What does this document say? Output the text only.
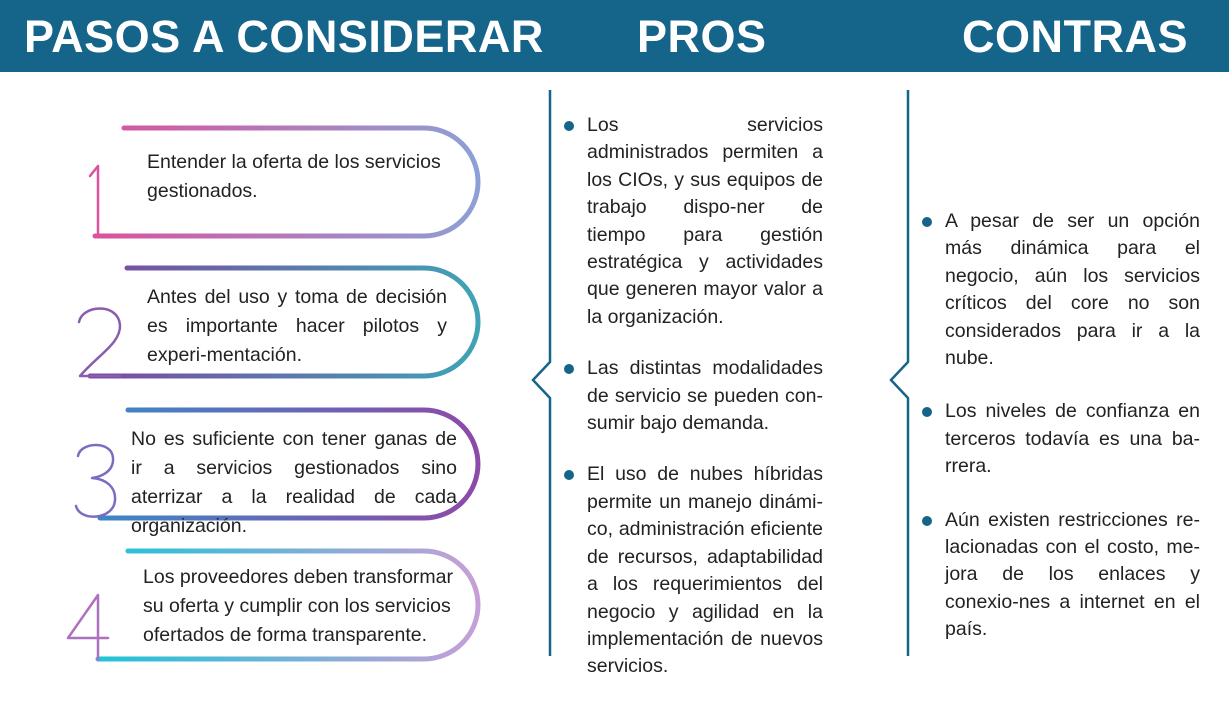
PASOS A CONSIDERAR PROS	CONTRAS
Entender la oferta de los servicios gestionados.
Antes del uso y toma de decisión es importante hacer pilotos y experi-mentación.
No es suficiente con tener ganas de ir a servicios gestionados sino aterrizar a la realidad de cada organización.
Los proveedores deben transformar su oferta y cumplir con los servicios ofertados de forma transparente.
Los servicios administrados permiten a los CIOs, y sus equipos de trabajo dispo-ner de tiempo para gestión estratégica y actividades que generen mayor valor a la organización.
Las distintas modalidades de servicio se pueden con-sumir bajo demanda.
El uso de nubes híbridas permite un manejo dinámi-co, administración eficiente de recursos, adaptabilidad a los requerimientos del negocio y agilidad en la implementación de nuevos servicios.
A pesar de ser un opción más dinámica para el negocio, aún los servicios críticos del core no son considerados para ir a la nube.
Los niveles de confianza en terceros todavía es una ba-rrera.
Aún existen restricciones re-lacionadas con el costo, me-jora de los enlaces y conexio-nes a internet en el país.
